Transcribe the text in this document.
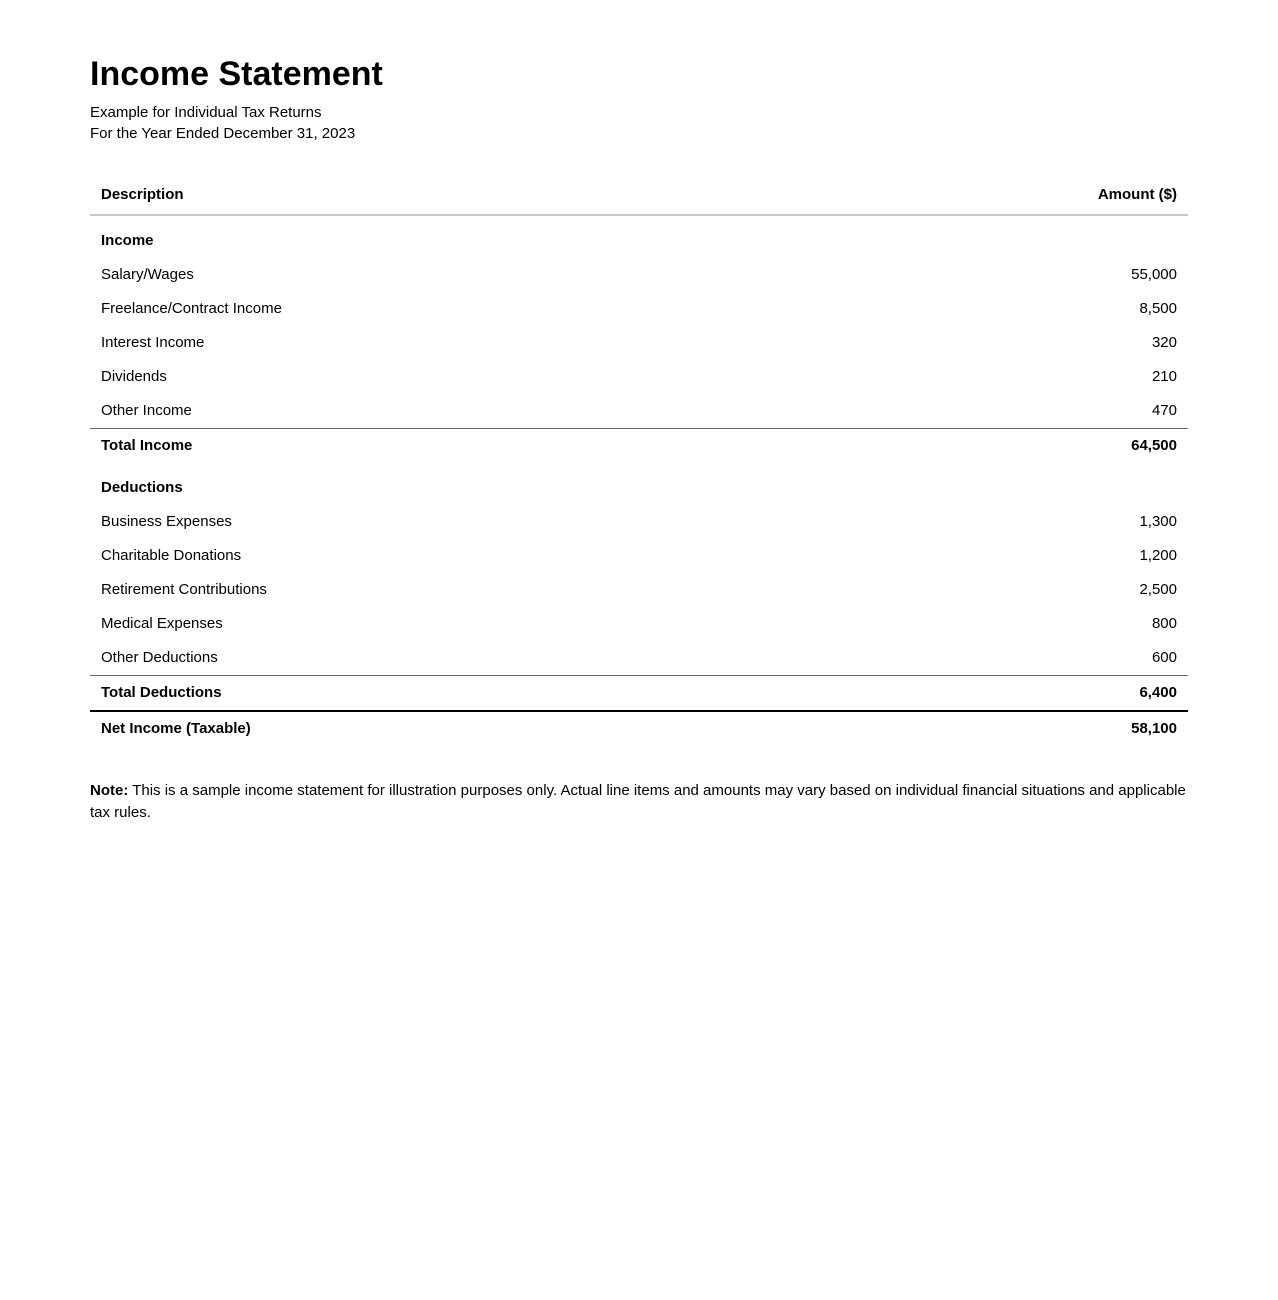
Income Statement
Example for Individual Tax Returns
For the Year Ended December 31, 2023
Description	Amount ($)
Income	
Salary/Wages	55,000
Freelance/Contract Income	8,500
Interest Income	320
Dividends	210
Other Income	470
Total Income	64,500
Deductions	
Business Expenses	1,300
Charitable Donations	1,200
Retirement Contributions	2,500
Medical Expenses	800
Other Deductions	600
Total Deductions	6,400
Net Income (Taxable)	58,100

Note: This is a sample income statement for illustration purposes only. Actual line items and amounts may vary based on individual financial situations and applicable tax rules.
